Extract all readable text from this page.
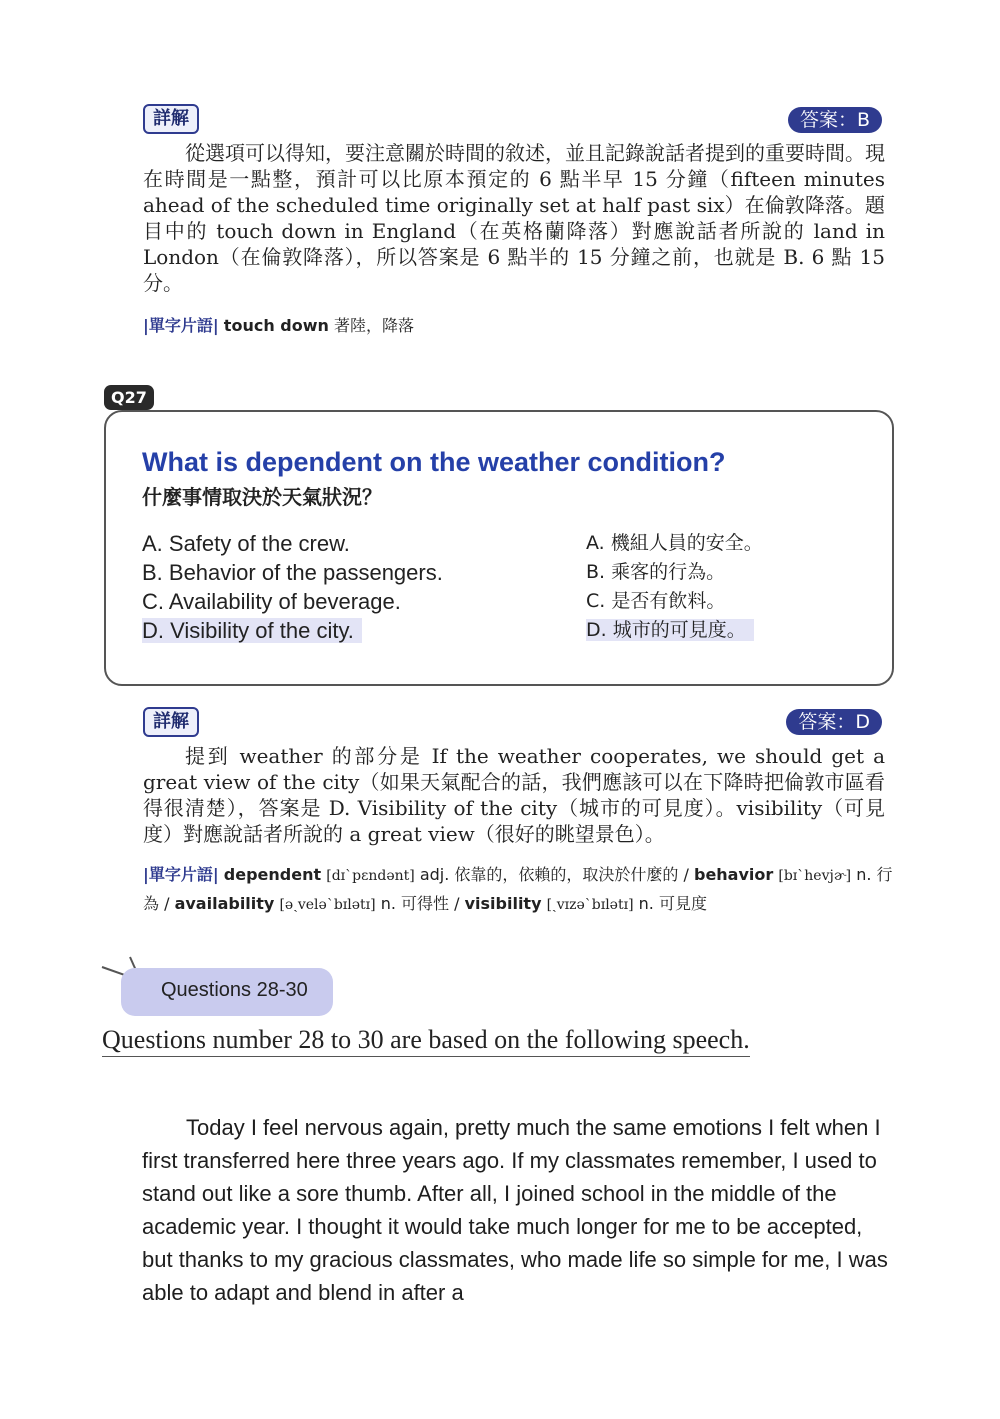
詳解	答案：B
從選項可以得知，要注意關於時間的敘述，並且記錄說話者提到的重要時間。現在時間是一點整，預計可以比原本預定的 6 點半早 15 分鐘（fifteen minutes ahead of the scheduled time originally set at half past six）在倫敦降落。題目中的 touch down in England（在英格蘭降落）對應說話者所說的 land in London（在倫敦降落），所以答案是 6 點半的 15 分鐘之前，也就是 B. 6 點 15 分。
| 單字片語 | touch down 著陸，降落
Q27
What is dependent on the weather condition?
什麼事情取決於天氣狀況？
A. Safety of the crew.
B. Behavior of the passengers.
C. Availability of beverage.
D. Visibility of the city.
A. 機組人員的安全。
B. 乘客的行為。
C. 是否有飲料。
D. 城市的可見度。
詳解	答案：D
提到 weather 的部分是 If the weather cooperates, we should get a great view of the city（如果天氣配合的話，我們應該可以在下降時把倫敦市區看得很清楚），答案是 D. Visibility of the city（城市的可見度）。visibility（可見度）對應說話者所說的 a great view（很好的眺望景色）。
| 單字片語 | dependent [dɪˋpɛndənt] adj. 依靠的，依賴的，取決於什麼的 / behavior [bɪˋhevjɚ] n. 行為 / availability [əˏveləˋbɪlətɪ] n. 可得性 / visibility [ˏvɪzəˋbɪlətɪ] n. 可見度
Questions 28-30
Questions number 28 to 30 are based on the following speech.
Today I feel nervous again, pretty much the same emotions I felt when I first transferred here three years ago. If my classmates remember, I used to stand out like a sore thumb. After all, I joined school in the middle of the academic year. I thought it would take much longer for me to be accepted, but thanks to my gracious classmates, who made life so simple for me, I was able to adapt and blend in after a
